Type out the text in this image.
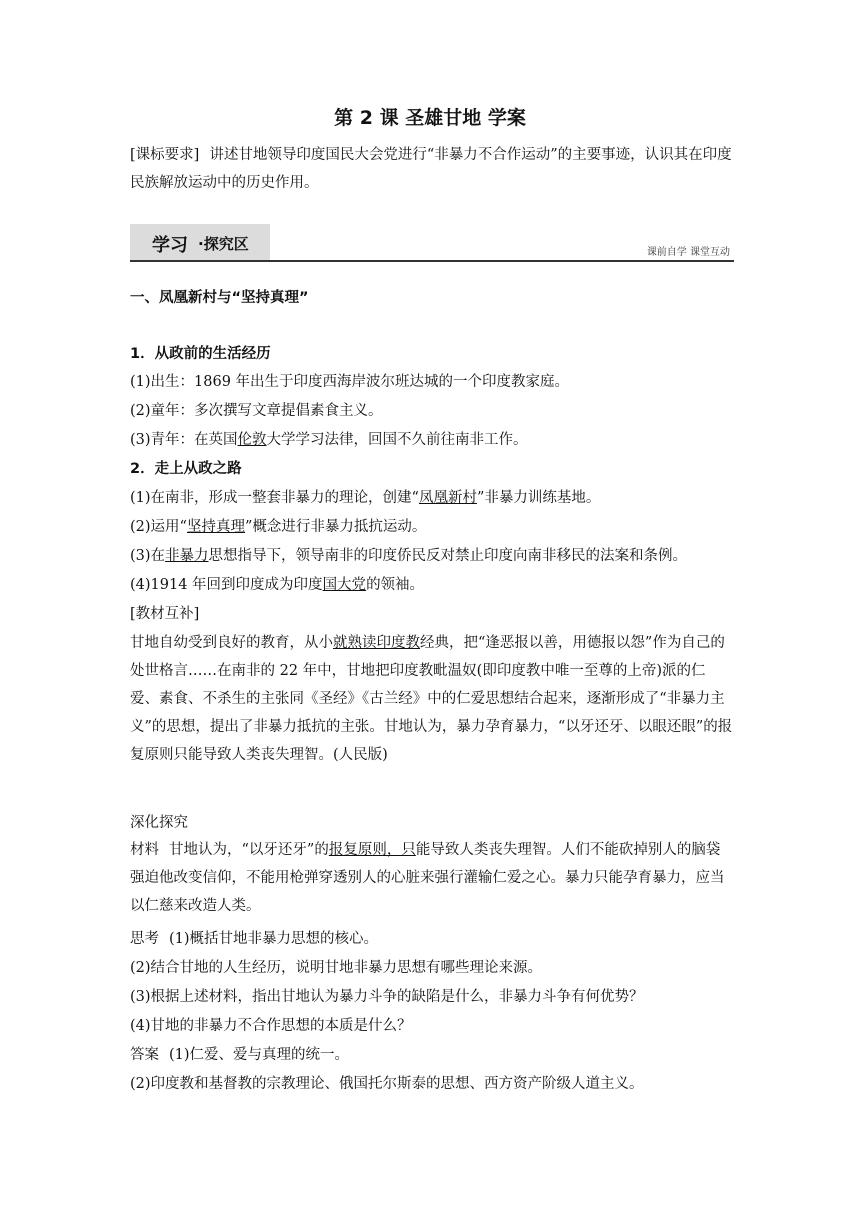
第 2 课 圣雄甘地 学案
[课标要求] 讲述甘地领导印度国民大会党进行“非暴力不合作运动”的主要事迹，认识其在印度民族解放运动中的历史作用。
学习 ·探究区	课前自学 课堂互动
一、凤凰新村与“坚持真理”
1．从政前的生活经历
(1)出生：1869 年出生于印度西海岸波尔班达城的一个印度教家庭。
(2)童年：多次撰写文章提倡素食主义。
(3)青年：在英国伦敦大学学习法律，回国不久前往南非工作。
2．走上从政之路
(1)在南非，形成一整套非暴力的理论，创建“凤凰新村”非暴力训练基地。
(2)运用“坚持真理”概念进行非暴力抵抗运动。
(3)在非暴力思想指导下，领导南非的印度侨民反对禁止印度向南非移民的法案和条例。
(4)1914 年回到印度成为印度国大党的领袖。
[教材互补]
甘地自幼受到良好的教育，从小就熟读印度教经典，把“逢恶报以善，用德报以怨”作为自己的处世格言……在南非的 22 年中，甘地把印度教毗温奴(即印度教中唯一至尊的上帝)派的仁爱、素食、不杀生的主张同《圣经》《古兰经》中的仁爱思想结合起来，逐渐形成了“非暴力主义”的思想，提出了非暴力抵抗的主张。甘地认为，暴力孕育暴力，“以牙还牙、以眼还眼”的报复原则只能导致人类丧失理智。(人民版)
深化探究
材料 甘地认为，“以牙还牙”的报复原则，只能导致人类丧失理智。人们不能砍掉别人的脑袋强迫他改变信仰，不能用枪弹穿透别人的心脏来强行灌输仁爱之心。暴力只能孕育暴力，应当以仁慈来改造人类。
思考 (1)概括甘地非暴力思想的核心。
(2)结合甘地的人生经历，说明甘地非暴力思想有哪些理论来源。
(3)根据上述材料，指出甘地认为暴力斗争的缺陷是什么，非暴力斗争有何优势？
(4)甘地的非暴力不合作思想的本质是什么？
答案 (1)仁爱、爱与真理的统一。
(2)印度教和基督教的宗教理论、俄国托尔斯泰的思想、西方资产阶级人道主义。
